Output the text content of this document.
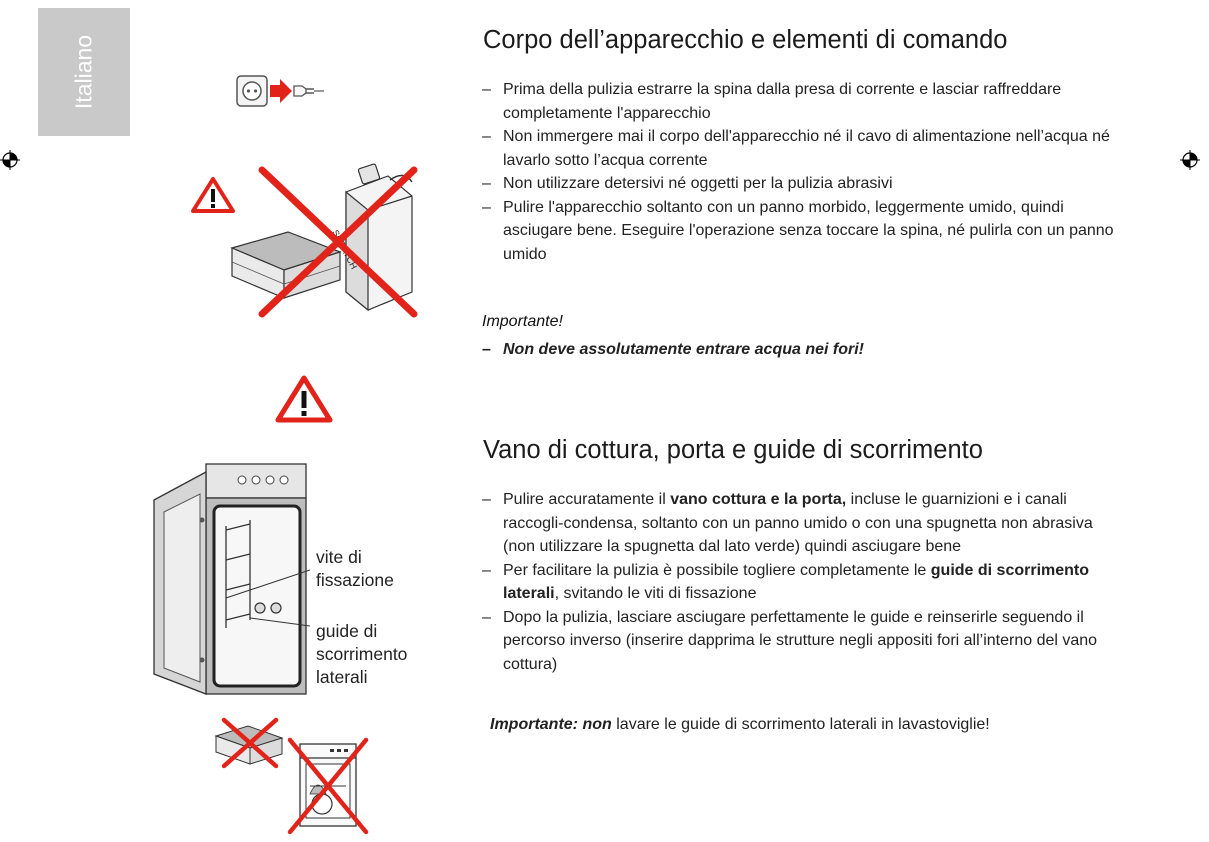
Italiano
vite di
fissazione
guide di
scorrimento
laterali
Corpo dell’apparecchio e elementi di comando
– Prima della pulizia estrarre la spina dalla presa di corrente e lasciar raffreddare completamente l'apparecchio
– Non immergere mai il corpo dell'apparecchio né il cavo di alimentazione nell’acqua né lavarlo sotto l’acqua corrente
– Non utilizzare detersivi né oggetti per la pulizia abrasivi
– Pulire l'apparecchio soltanto con un panno morbido, leggermente umido, quindi asciugare bene. Eseguire l'operazione senza toccare la spina, né pulirla con un panno umido
Importante!
– Non deve assolutamente entrare acqua nei fori!
Vano di cottura, porta e guide di scorrimento
– Pulire accuratamente il vano cottura e la porta, incluse le guarnizioni e i canali raccogli-condensa, soltanto con un panno umido o con una spugnetta non abrasiva (non utilizzare la spugnetta dal lato verde) quindi asciugare bene
– Per facilitare la pulizia è possibile togliere completamente le guide di scorrimento laterali, svitando le viti di fissazione
– Dopo la pulizia, lasciare asciugare perfettamente le guide e reinserirle seguendo il percorso inverso (inserire dapprima le strutture negli appositi fori all’interno del vano cottura)
Importante: non lavare le guide di scorrimento laterali in lavastoviglie!
